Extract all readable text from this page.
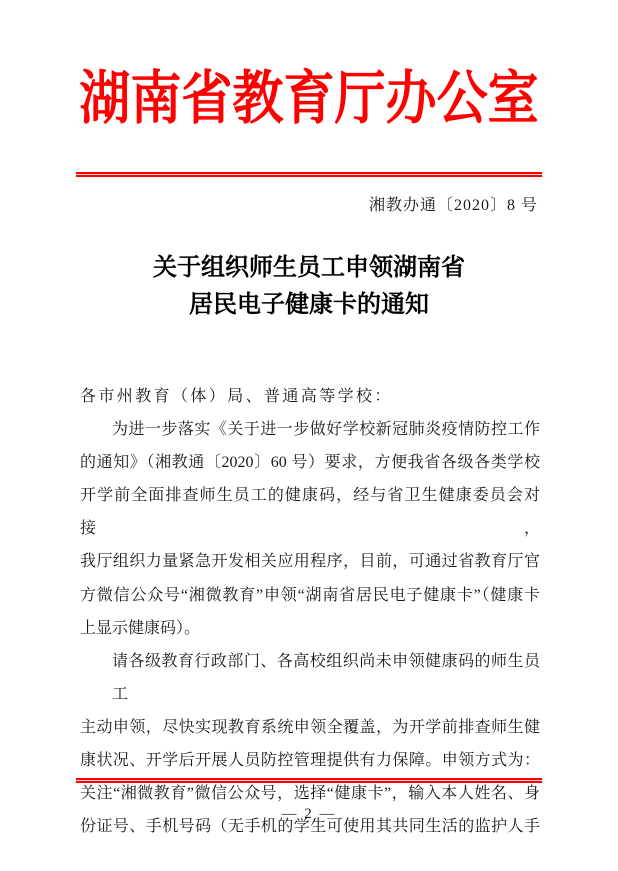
湖南省教育厅办公室
湘教办通〔2020〕8 号
关于组织师生员工申领湖南省
居民电子健康卡的通知
各市州教育（体）局、普通高等学校：
为进一步落实《关于进一步做好学校新冠肺炎疫情防控工作
的通知》（湘教通〔2020〕60 号）要求，方便我省各级各类学校
开学前全面排查师生员工的健康码，经与省卫生健康委员会对接，
我厅组织力量紧急开发相关应用程序，目前，可通过省教育厅官
方微信公众号“湘微教育”申领“湖南省居民电子健康卡”（健康卡
上显示健康码）。
请各级教育行政部门、各高校组织尚未申领健康码的师生员工
主动申领，尽快实现教育系统申领全覆盖，为开学前排查师生健
康状况、开学后开展人员防控管理提供有力保障。申领方式为：
关注“湘微教育”微信公众号，选择“健康卡”，输入本人姓名、身
份证号、手机号码（无手机的学生可使用其共同生活的监护人手
— 2 —
